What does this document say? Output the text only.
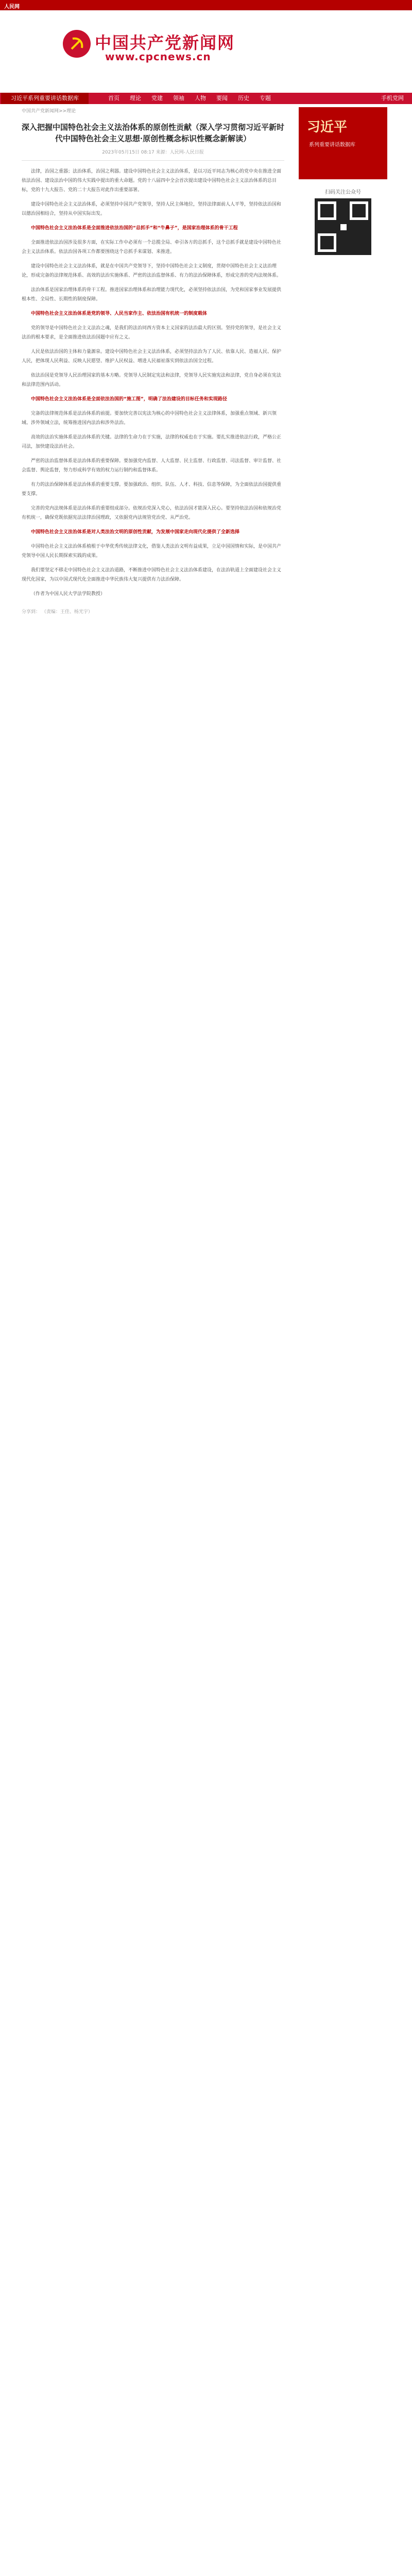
人民网
中国共产党新闻网
www.cpcnews.cn
习近平系列重要讲话数据库	首页	理论	党建	领袖	人物	要闻	历史	专题	手机党网
中国共产党新闻网>>理论
深入把握中国特色社会主义法治体系的原创性贡献（深入学习贯彻习近平新时代中国特色社会主义思想·原创性概念标识性概念新解读）
2023年05月15日 08:17 来源：人民网-人民日报

法律，治国之重器；法治体系，治国之利器。建设中国特色社会主义法治体系，是以习近平同志为核心的党中央在推进全面依法治国、建设法治中国的伟大实践中提出的重大命题。党的十八届四中全会首次提出建设中国特色社会主义法治体系的总目标，党的十九大报告、党的二十大报告对此作出重要部署。

建设中国特色社会主义法治体系，必须坚持中国共产党领导，坚持人民主体地位，坚持法律面前人人平等，坚持依法治国和以德治国相结合，坚持从中国实际出发。

中国特色社会主义法治体系是全面推进依法治国的“总抓手”和“牛鼻子”，是国家治理体系的骨干工程

全面推进依法治国涉及很多方面，在实际工作中必须有一个总揽全局、牵引各方的总抓手，这个总抓手就是建设中国特色社会主义法治体系。依法治国各项工作都要围绕这个总抓手来谋划、来推进。

建设中国特色社会主义法治体系，就是在中国共产党领导下，坚持中国特色社会主义制度，贯彻中国特色社会主义法治理论，形成完备的法律规范体系、高效的法治实施体系、严密的法治监督体系、有力的法治保障体系，形成完善的党内法规体系。

法治体系是国家治理体系的骨干工程。推进国家治理体系和治理能力现代化，必须坚持依法治国，为党和国家事业发展提供根本性、全局性、长期性的制度保障。

中国特色社会主义法治体系是党的领导、人民当家作主、依法治国有机统一的制度载体

党的领导是中国特色社会主义法治之魂，是我们的法治同西方资本主义国家的法治最大的区别。坚持党的领导，是社会主义法治的根本要求，是全面推进依法治国题中应有之义。

人民是依法治国的主体和力量源泉。建设中国特色社会主义法治体系，必须坚持法治为了人民、依靠人民、造福人民、保护人民，把体现人民利益、反映人民愿望、维护人民权益、增进人民福祉落实到依法治国全过程。

依法治国是党领导人民治理国家的基本方略。党领导人民制定宪法和法律，党领导人民实施宪法和法律，党自身必须在宪法和法律范围内活动。

中国特色社会主义法治体系是全面依法治国的“施工图”，明确了法治建设的目标任务和实现路径

完备的法律规范体系是法治体系的前提。要加快完善以宪法为核心的中国特色社会主义法律体系，加强重点领域、新兴领域、涉外领域立法，统筹推进国内法治和涉外法治。

高效的法治实施体系是法治体系的关键。法律的生命力在于实施，法律的权威也在于实施。要扎实推进依法行政，严格公正司法，加快建设法治社会。

严密的法治监督体系是法治体系的重要保障。要加强党内监督、人大监督、民主监督、行政监督、司法监督、审计监督、社会监督、舆论监督，努力形成科学有效的权力运行制约和监督体系。

有力的法治保障体系是法治体系的重要支撑。要加强政治、组织、队伍、人才、科技、信息等保障，为全面依法治国提供重要支撑。

完善的党内法规体系是法治体系的重要组成部分。依规治党深入党心，依法治国才能深入民心。要坚持依法治国和依规治党有机统一，确保党既依据宪法法律治国理政，又依据党内法规管党治党、从严治党。

中国特色社会主义法治体系是对人类法治文明的原创性贡献，为发展中国家走向现代化提供了全新选择

中国特色社会主义法治体系植根于中华优秀传统法律文化，借鉴人类法治文明有益成果，立足中国国情和实际，是中国共产党领导中国人民长期探索实践的成果。

我们要坚定不移走中国特色社会主义法治道路，不断推进中国特色社会主义法治体系建设，在法治轨道上全面建设社会主义现代化国家，为以中国式现代化全面推进中华民族伟大复兴提供有力法治保障。

（作者为中国人民大学法学院教授）

分享到： （责编：王佳、杨光宇）
习近平
系列重要讲话数据库
扫码关注公众号
